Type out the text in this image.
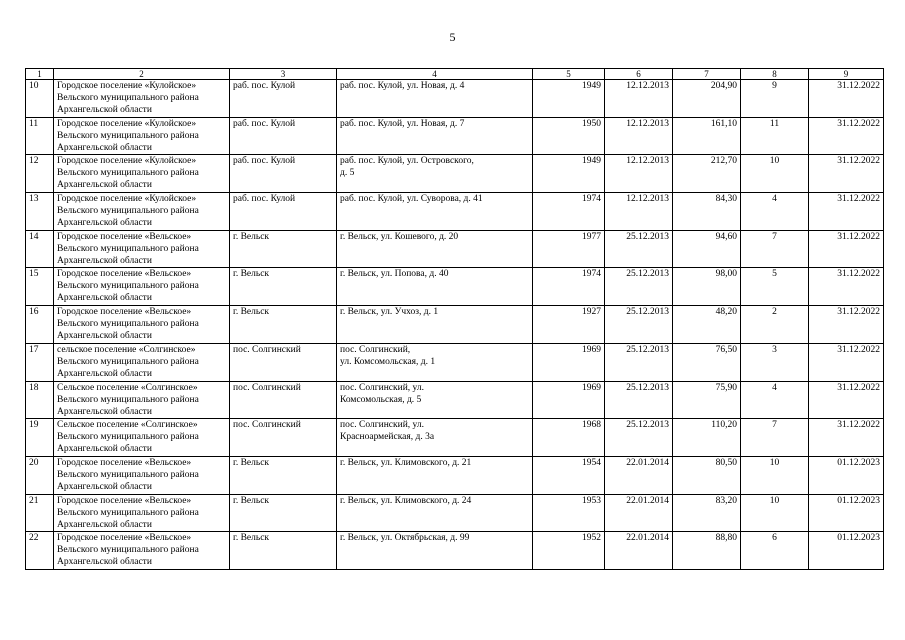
5
1	2	3	4	5	6	7	8	9
10	Городское поселение «Кулойское»
Вельского муниципального района
Архангельской области	раб. пос. Кулой	раб. пос. Кулой, ул. Новая, д. 4	1949	12.12.2013	204,90	9	31.12.2022
11	Городское поселение «Кулойское»
Вельского муниципального района
Архангельской области	раб. пос. Кулой	раб. пос. Кулой, ул. Новая, д. 7	1950	12.12.2013	161,10	11	31.12.2022
12	Городское поселение «Кулойское»
Вельского муниципального района
Архангельской области	раб. пос. Кулой	раб. пос. Кулой, ул. Островского,
д. 5	1949	12.12.2013	212,70	10	31.12.2022
13	Городское поселение «Кулойское»
Вельского муниципального района
Архангельской области	раб. пос. Кулой	раб. пос. Кулой, ул. Суворова, д. 41	1974	12.12.2013	84,30	4	31.12.2022
14	Городское поселение «Вельское»
Вельского муниципального района
Архангельской области	г. Вельск	г. Вельск, ул. Кошевого, д. 20	1977	25.12.2013	94,60	7	31.12.2022
15	Городское поселение «Вельское»
Вельского муниципального района
Архангельской области	г. Вельск	г. Вельск, ул. Попова, д. 40	1974	25.12.2013	98,00	5	31.12.2022
16	Городское поселение «Вельское»
Вельского муниципального района
Архангельской области	г. Вельск	г. Вельск, ул. Учхоз, д. 1	1927	25.12.2013	48,20	2	31.12.2022
17	сельское поселение «Солгинское»
Вельского муниципального района
Архангельской области	пос. Солгинский	пос. Солгинский,
ул. Комсомольская, д. 1	1969	25.12.2013	76,50	3	31.12.2022
18	Сельское поселение «Солгинское»
Вельского муниципального района
Архангельской области	пос. Солгинский	пос. Солгинский, ул.
Комсомольская, д. 5	1969	25.12.2013	75,90	4	31.12.2022
19	Сельское поселение «Солгинское»
Вельского муниципального района
Архангельской области	пос. Солгинский	пос. Солгинский, ул.
Красноармейская, д. 3а	1968	25.12.2013	110,20	7	31.12.2022
20	Городское поселение «Вельское»
Вельского муниципального района
Архангельской области	г. Вельск	г. Вельск, ул. Климовского, д. 21	1954	22.01.2014	80,50	10	01.12.2023
21	Городское поселение «Вельское»
Вельского муниципального района
Архангельской области	г. Вельск	г. Вельск, ул. Климовского, д. 24	1953	22.01.2014	83,20	10	01.12.2023
22	Городское поселение «Вельское»
Вельского муниципального района
Архангельской области	г. Вельск	г. Вельск, ул. Октябрьская, д. 99	1952	22.01.2014	88,80	6	01.12.2023
